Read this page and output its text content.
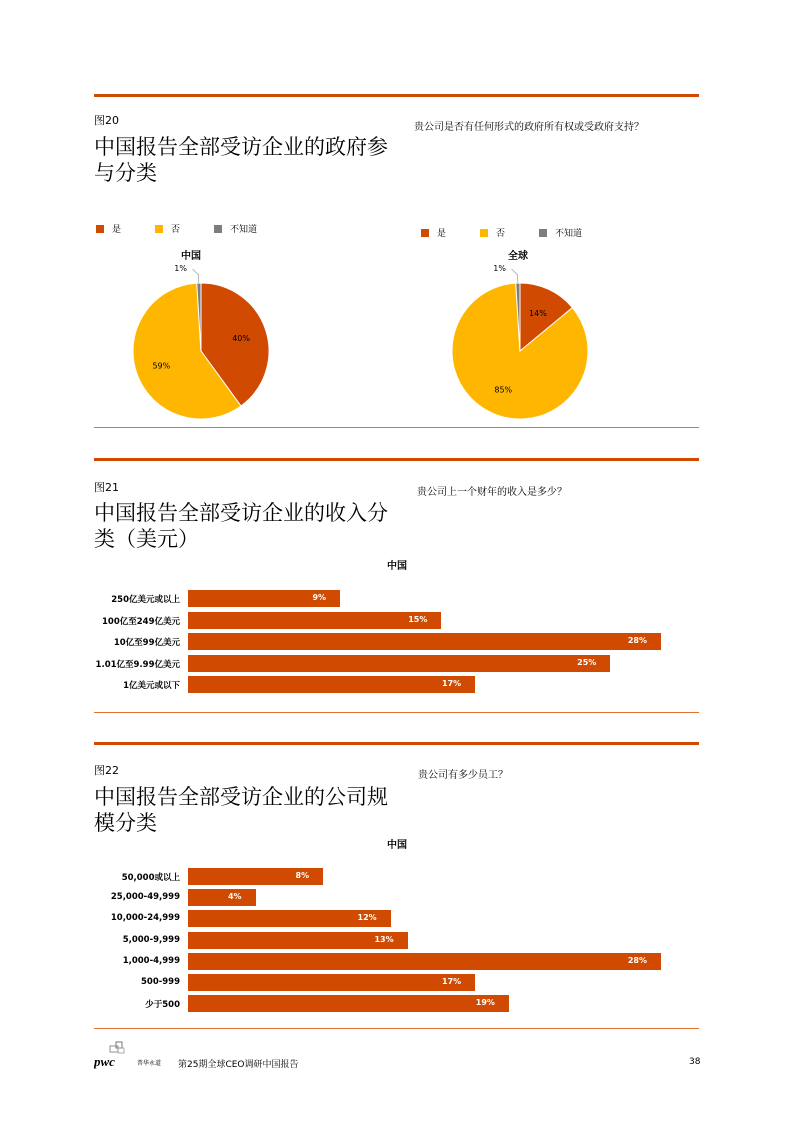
图20
中国报告全部受访企业的政府参与分类
贵公司是否有任何形式的政府所有权或受政府支持？
是	否	不知道	是	否	不知道
中国	全球
40%
59%
1%
14%
85%
1%
图21
中国报告全部受访企业的收入分类（美元）
贵公司上一个财年的收入是多少？
中国
250亿美元或以上	9%
100亿至249亿美元	15%
10亿至99亿美元	28%
1.01亿至9.99亿美元	25%
1亿美元或以下	17%
图22
中国报告全部受访企业的公司规模分类
贵公司有多少员工？
中国
50,000或以上	8%
25,000-49,999	4%
10,000-24,999	12%
5,000-9,999	13%
1,000-4,999	28%
500-999	17%
少于500	19%
pwc	普华永道 第25期全球CEO调研中国报告	38
